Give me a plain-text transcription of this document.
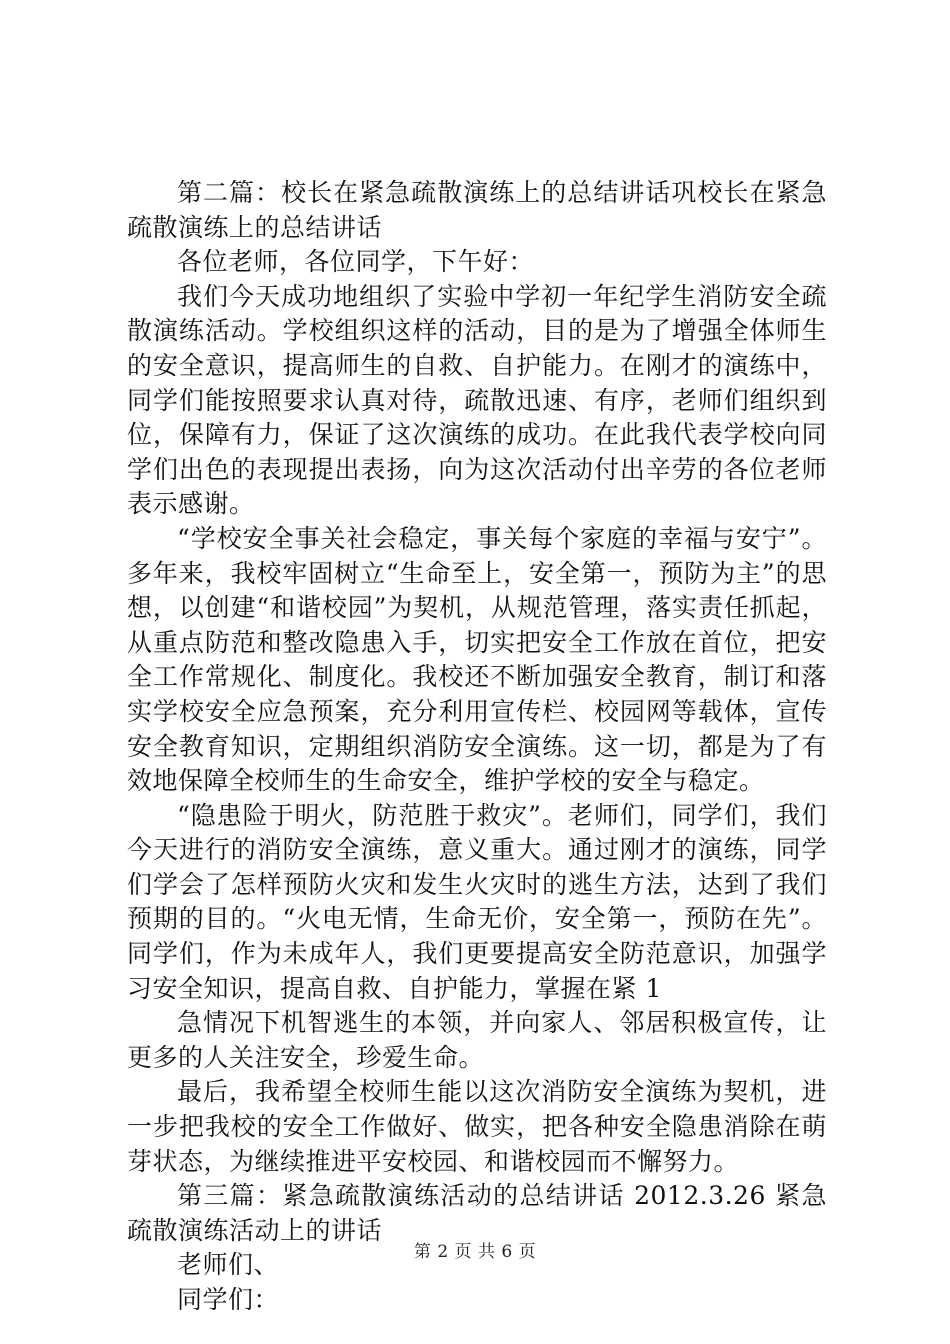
第二篇：校长在紧急疏散演练上的总结讲话巩校长在紧急疏散演练上的总结讲话

各位老师，各位同学，下午好：

我们今天成功地组织了实验中学初一年纪学生消防安全疏散演练活动。学校组织这样的活动，目的是为了增强全体师生的安全意识，提高师生的自救、自护能力。在刚才的演练中，同学们能按照要求认真对待，疏散迅速、有序，老师们组织到位，保障有力，保证了这次演练的成功。在此我代表学校向同学们出色的表现提出表扬，向为这次活动付出辛劳的各位老师表示感谢。

“学校安全事关社会稳定，事关每个家庭的幸福与安宁”。多年来，我校牢固树立“生命至上，安全第一，预防为主”的思想，以创建“和谐校园”为契机，从规范管理，落实责任抓起，从重点防范和整改隐患入手，切实把安全工作放在首位，把安全工作常规化、制度化。我校还不断加强安全教育，制订和落实学校安全应急预案，充分利用宣传栏、校园网等载体，宣传安全教育知识，定期组织消防安全演练。这一切，都是为了有效地保障全校师生的生命安全，维护学校的安全与稳定。

“隐患险于明火，防范胜于救灾”。老师们，同学们，我们今天进行的消防安全演练，意义重大。通过刚才的演练，同学们学会了怎样预防火灾和发生火灾时的逃生方法，达到了我们预期的目的。“火电无情，生命无价，安全第一，预防在先”。同学们，作为未成年人，我们更要提高安全防范意识，加强学习安全知识，提高自救、自护能力，掌握在紧 1

急情况下机智逃生的本领，并向家人、邻居积极宣传，让更多的人关注安全，珍爱生命。

最后，我希望全校师生能以这次消防安全演练为契机，进一步把我校的安全工作做好、做实，把各种安全隐患消除在萌芽状态，为继续推进平安校园、和谐校园而不懈努力。

第三篇：紧急疏散演练活动的总结讲话 2012.3.26 紧急疏散演练活动上的讲话

老师们、

同学们：

第 2 页 共 6 页
